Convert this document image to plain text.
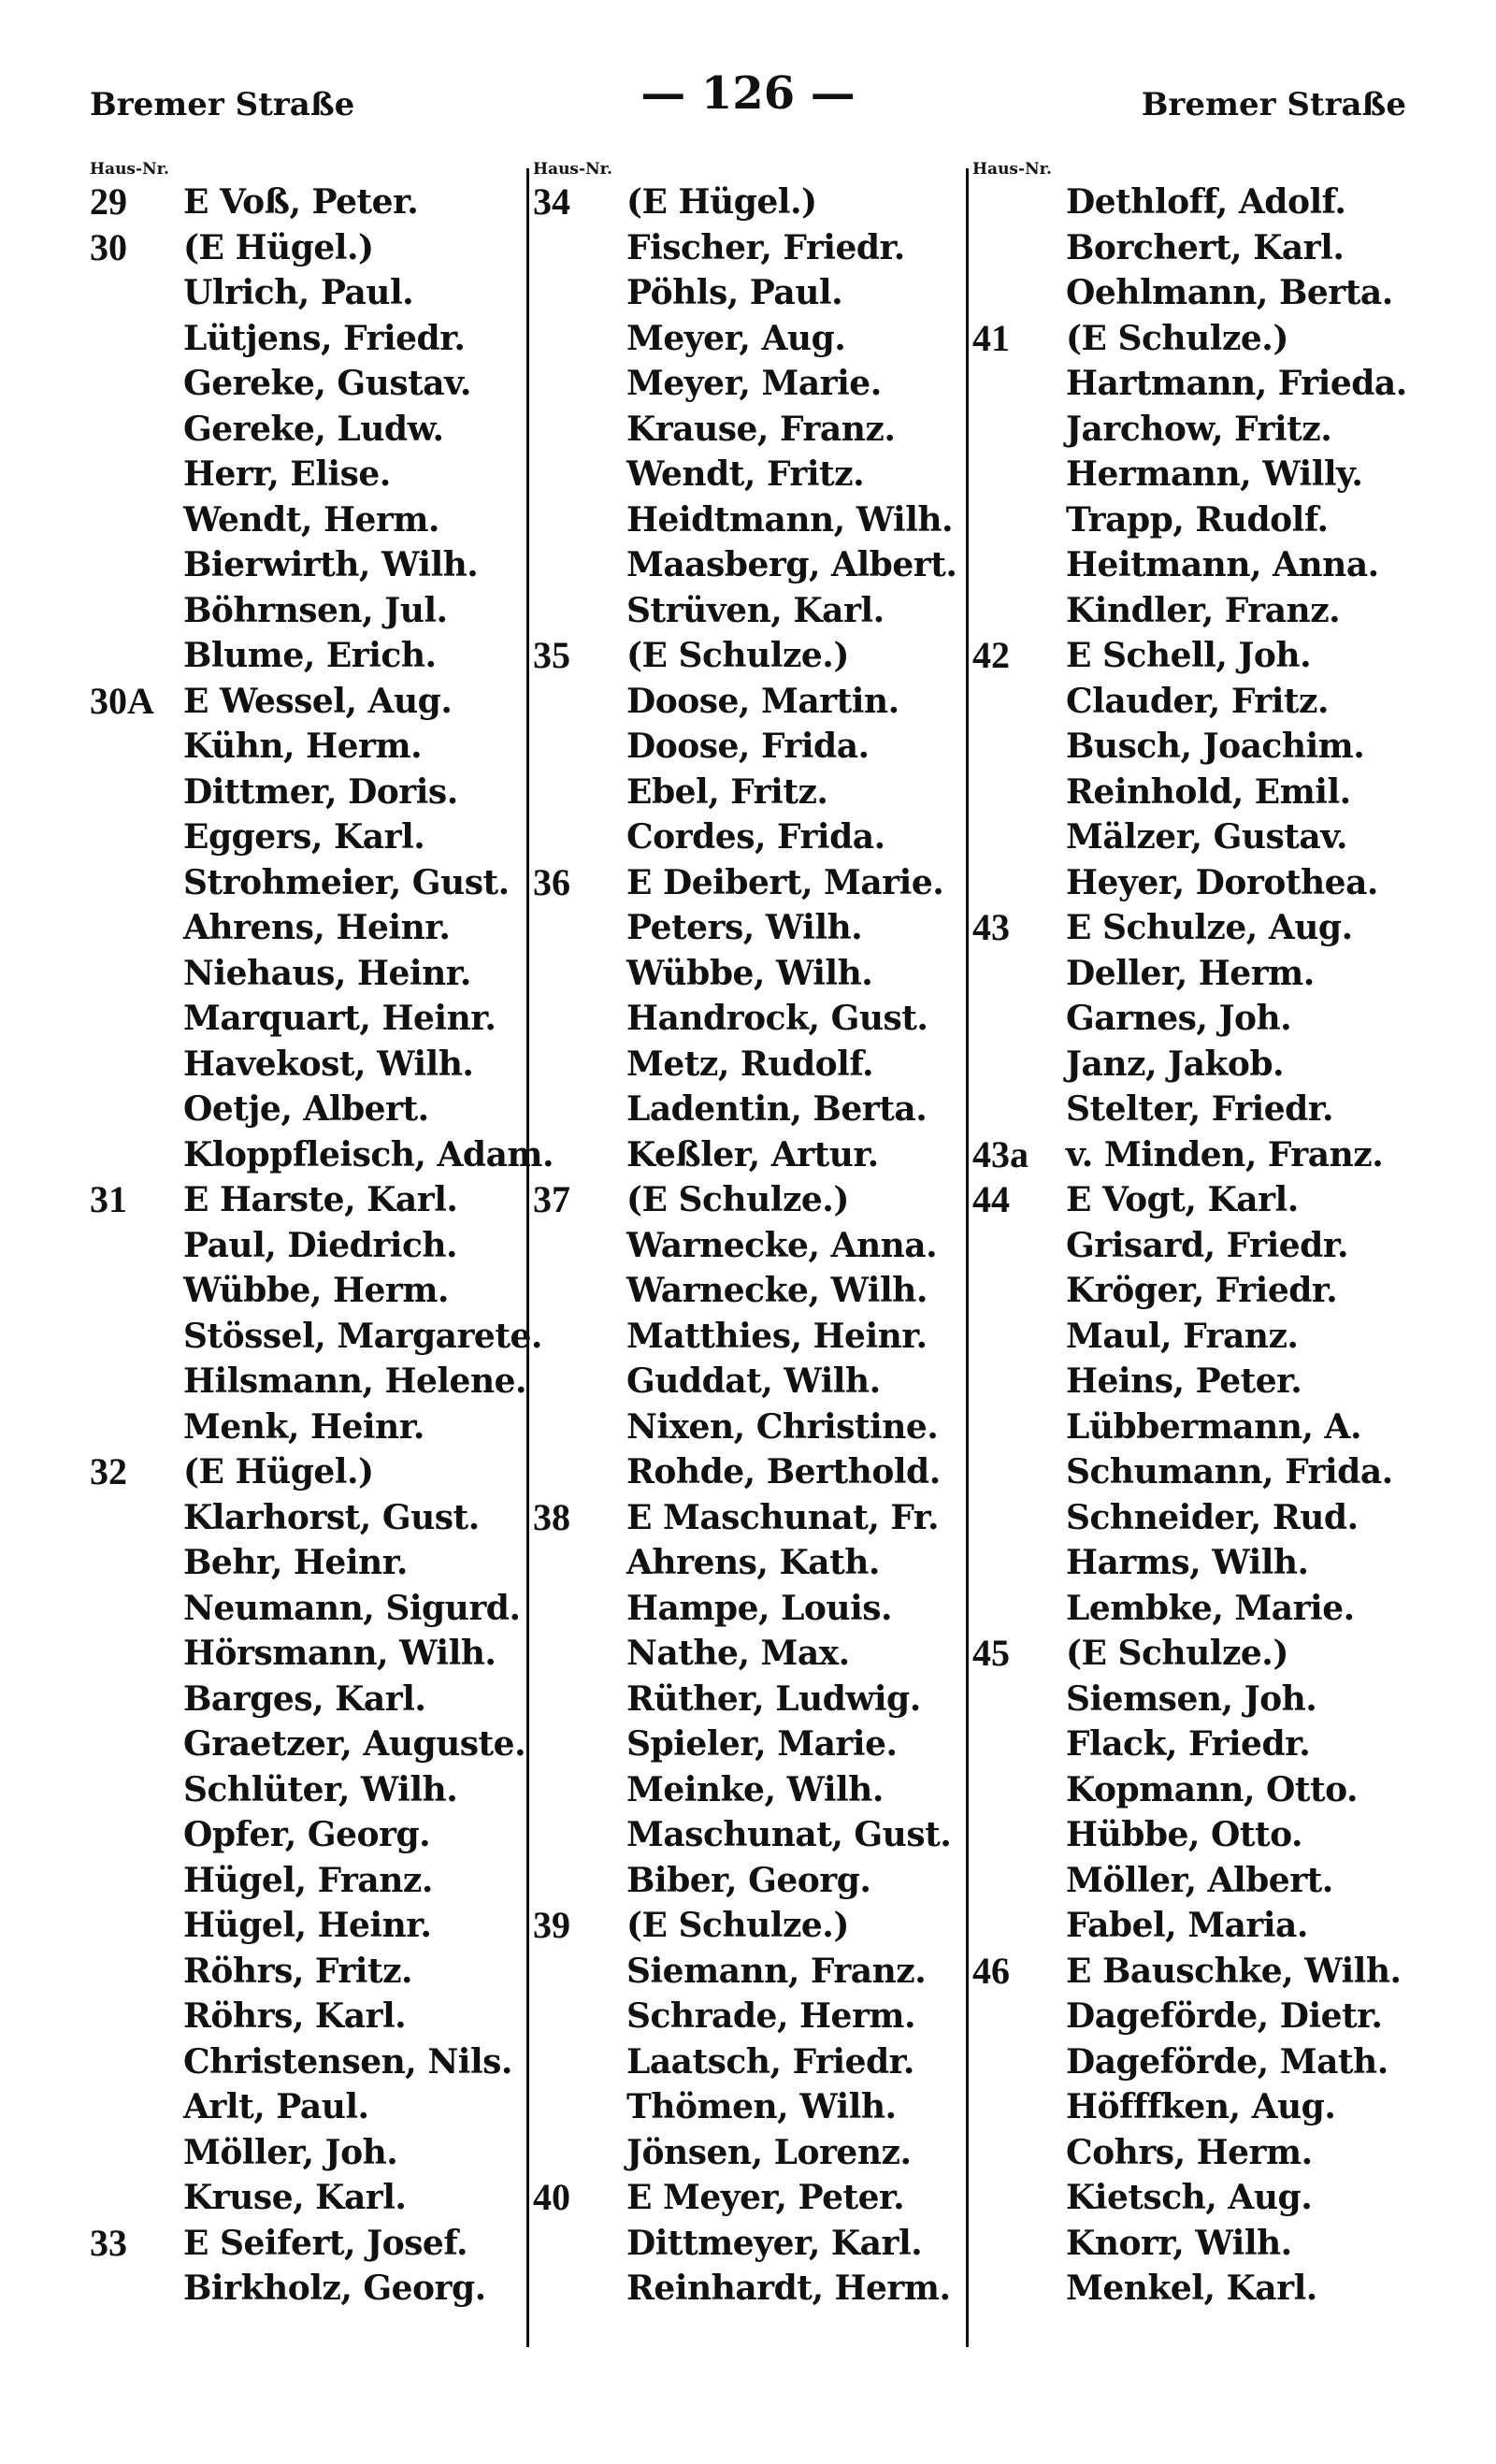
Bremer Straße	— 126 —	Bremer Straße
Haus-Nr.
29	E Voß, Peter.
30	(E Hügel.)
Ulrich, Paul.
Lütjens, Friedr.
Gereke, Gustav.
Gereke, Ludw.
Herr, Elise.
Wendt, Herm.
Bierwirth, Wilh.
Böhrnsen, Jul.
Blume, Erich.
30A E Wessel, Aug.
Kühn, Herm.
Dittmer, Doris.
Eggers, Karl.
Strohmeier, Gust.
Ahrens, Heinr.
Niehaus, Heinr.
Marquart, Heinr.
Havekost, Wilh.
Oetje, Albert.
Kloppfleisch, Adam.
31	E Harste, Karl.
Paul, Diedrich.
Wübbe, Herm.
Stössel, Margarete.
Hilsmann, Helene.
Menk, Heinr.
32	(E Hügel.)
Klarhorst, Gust.
Behr, Heinr.
Neumann, Sigurd.
Hörsmann, Wilh.
Barges, Karl.
Graetzer, Auguste.
Schlüter, Wilh.
Opfer, Georg.
Hügel, Franz.
Hügel, Heinr.
Röhrs, Fritz.
Röhrs, Karl.
Christensen, Nils.
Arlt, Paul.
Möller, Joh.
Kruse, Karl.
33	E Seifert, Josef.
Birkholz, Georg.
Haus-Nr.
34	(E Hügel.)
Fischer, Friedr.
Pöhls, Paul.
Meyer, Aug.
Meyer, Marie.
Krause, Franz.
Wendt, Fritz.
Heidtmann, Wilh.
Maasberg, Albert.
Strüven, Karl.
35	(E Schulze.)
Doose, Martin.
Doose, Frida.
Ebel, Fritz.
Cordes, Frida.
36	E Deibert, Marie.
Peters, Wilh.
Wübbe, Wilh.
Handrock, Gust.
Metz, Rudolf.
Ladentin, Berta.
Keßler, Artur.
37	(E Schulze.)
Warnecke, Anna.
Warnecke, Wilh.
Matthies, Heinr.
Guddat, Wilh.
Nixen, Christine.
Rohde, Berthold.
38	E Maschunat, Fr.
Ahrens, Kath.
Hampe, Louis.
Nathe, Max.
Rüther, Ludwig.
Spieler, Marie.
Meinke, Wilh.
Maschunat, Gust.
Biber, Georg.
39	(E Schulze.)
Siemann, Franz.
Schrade, Herm.
Laatsch, Friedr.
Thömen, Wilh.
Jönsen, Lorenz.
40	E Meyer, Peter.
Dittmeyer, Karl.
Reinhardt, Herm.
Haus-Nr.
Dethloff, Adolf.
Borchert, Karl.
Oehlmann, Berta.
41	(E Schulze.)
Hartmann, Frieda.
Jarchow, Fritz.
Hermann, Willy.
Trapp, Rudolf.
Heitmann, Anna.
Kindler, Franz.
42	E Schell, Joh.
Clauder, Fritz.
Busch, Joachim.
Reinhold, Emil.
Mälzer, Gustav.
Heyer, Dorothea.
43	E Schulze, Aug.
Deller, Herm.
Garnes, Joh.
Janz, Jakob.
Stelter, Friedr.
43a	v. Minden, Franz.
44	E Vogt, Karl.
Grisard, Friedr.
Kröger, Friedr.
Maul, Franz.
Heins, Peter.
Lübbermann, A.
Schumann, Frida.
Schneider, Rud.
Harms, Wilh.
Lembke, Marie.
45	(E Schulze.)
Siemsen, Joh.
Flack, Friedr.
Kopmann, Otto.
Hübbe, Otto.
Möller, Albert.
Fabel, Maria.
46	E Bauschke, Wilh.
Dageförde, Dietr.
Dageförde, Math.
Höfffken, Aug.
Cohrs, Herm.
Kietsch, Aug.
Knorr, Wilh.
Menkel, Karl.
